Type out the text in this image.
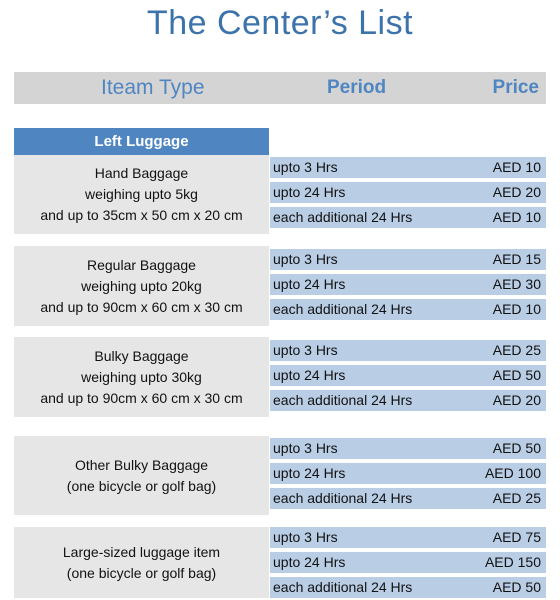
The Center’s List
Iteam Type	Period	Price
Left Luggage
Hand Baggage
weighing upto 5kg
and up to 35cm x 50 cm x 20 cm
upto 3 Hrs	AED 10
upto 24 Hrs	AED 20
each additional 24 Hrs	AED 10
Regular Baggage
weighing upto 20kg
and up to 90cm x 60 cm x 30 cm
upto 3 Hrs	AED 15
upto 24 Hrs	AED 30
each additional 24 Hrs	AED 10
Bulky Baggage
weighing upto 30kg
and up to 90cm x 60 cm x 30 cm
upto 3 Hrs	AED 25
upto 24 Hrs	AED 50
each additional 24 Hrs	AED 20
Other Bulky Baggage
(one bicycle or golf bag)
upto 3 Hrs	AED 50
upto 24 Hrs	AED 100
each additional 24 Hrs	AED 25
Large-sized luggage item
(one bicycle or golf bag)
upto 3 Hrs	AED 75
upto 24 Hrs	AED 150
each additional 24 Hrs	AED 50
